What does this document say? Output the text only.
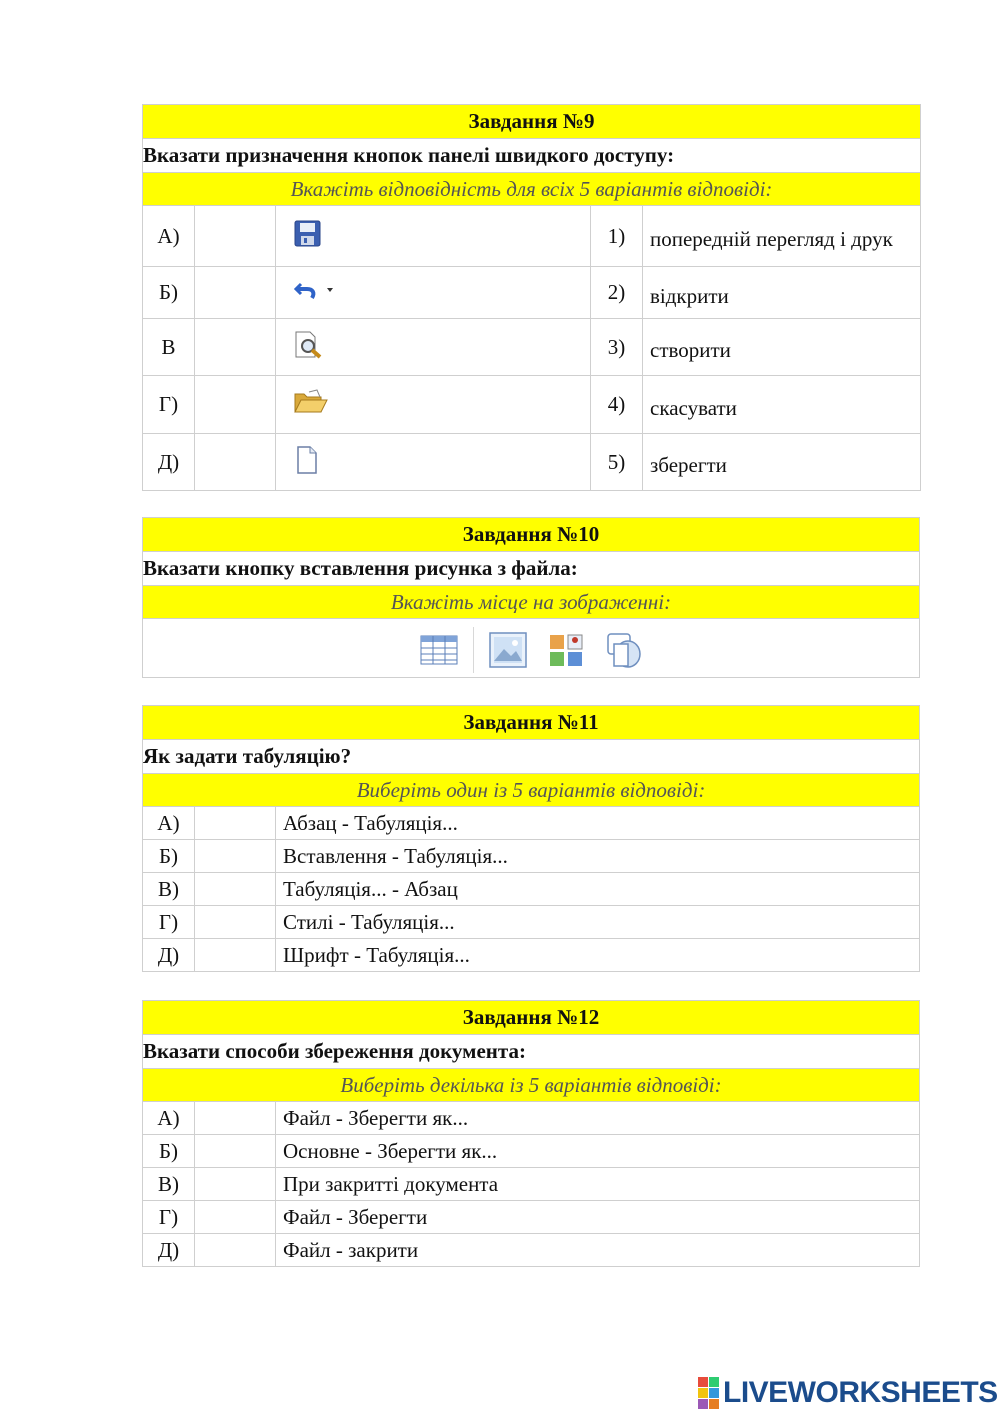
Завдання №9				
Вказати призначення кнопок панелі швидкого доступу:				
Вкажіть відповідність для всіх 5 варіантів відповіді:				
А)			1)	попередній перегляд і друк
Б)			2)	відкрити
В			3)	створити
Г)			4)	скасувати
Д)			5)	зберегти
Завдання №10
Вказати кнопку вставлення рисунка з файла:
Вкажіть місце на зображенні:

Завдання №11		
Як задати табуляцію?		
Виберіть один із 5 варіантів відповіді:		
А)		Абзац - Табуляція...
Б)		Вставлення - Табуляція...
В)		Табуляція... - Абзац
Г)		Стилі - Табуляція...
Д)		Шрифт - Табуляція...
Завдання №12		
Вказати способи збереження документа:		
Виберіть декілька із 5 варіантів відповіді:		
А)		Файл - Зберегти як...
Б)		Основне - Зберегти як...
В)		При закритті документа
Г)		Файл - Зберегти
Д)		Файл - закрити
LIVEWORKSHEETS
